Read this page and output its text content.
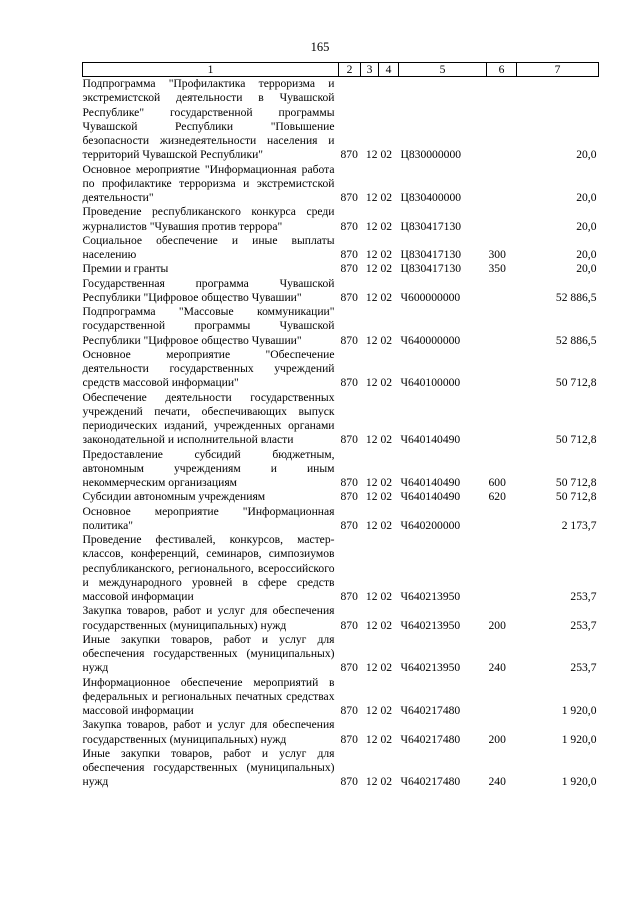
165
1	2	3	4	5	6	7
Подпрограмма "Профилактика терроризма и экстремистской деятельности в Чувашской Республике" государственной программы Чувашской Республики "Повышение безопасности жизнедеятельности населения и территорий Чувашской Республики"	870	12	02	Ц830000000		20,0
Основное мероприятие "Информационная работа по профилактике терроризма и экстремистской деятельности"	870	12	02	Ц830400000		20,0
Проведение республиканского конкурса среди журналистов "Чувашия против террора"	870	12	02	Ц830417130		20,0
Социальное обеспечение и иные выплаты населению	870	12	02	Ц830417130	300	20,0
Премии и гранты	870	12	02	Ц830417130	350	20,0
Государственная программа Чувашской Республики "Цифровое общество Чувашии"	870	12	02	Ч600000000		52 886,5
Подпрограмма "Массовые коммуникации" государственной программы Чувашской Республики "Цифровое общество Чувашии"	870	12	02	Ч640000000		52 886,5
Основное мероприятие "Обеспечение деятельности государственных учреждений средств массовой информации"	870	12	02	Ч640100000		50 712,8
Обеспечение деятельности государственных учреждений печати, обеспечивающих выпуск периодических изданий, учрежденных органами законодательной и исполнительной власти	870	12	02	Ч640140490		50 712,8
Предоставление субсидий бюджетным, автономным учреждениям и иным некоммерческим организациям	870	12	02	Ч640140490	600	50 712,8
Субсидии автономным учреждениям	870	12	02	Ч640140490	620	50 712,8
Основное мероприятие "Информационная политика"	870	12	02	Ч640200000		2 173,7
Проведение фестивалей, конкурсов, мастер-классов, конференций, семинаров, симпозиумов республиканского, регионального, всероссийского и международного уровней в сфере средств массовой информации	870	12	02	Ч640213950		253,7
Закупка товаров, работ и услуг для обеспечения государственных (муниципальных) нужд	870	12	02	Ч640213950	200	253,7
Иные закупки товаров, работ и услуг для обеспечения государственных (муниципальных) нужд	870	12	02	Ч640213950	240	253,7
Информационное обеспечение мероприятий в федеральных и региональных печатных средствах массовой информации	870	12	02	Ч640217480		1 920,0
Закупка товаров, работ и услуг для обеспечения государственных (муниципальных) нужд	870	12	02	Ч640217480	200	1 920,0
Иные закупки товаров, работ и услуг для обеспечения государственных (муниципальных) нужд	870	12	02	Ч640217480	240	1 920,0
